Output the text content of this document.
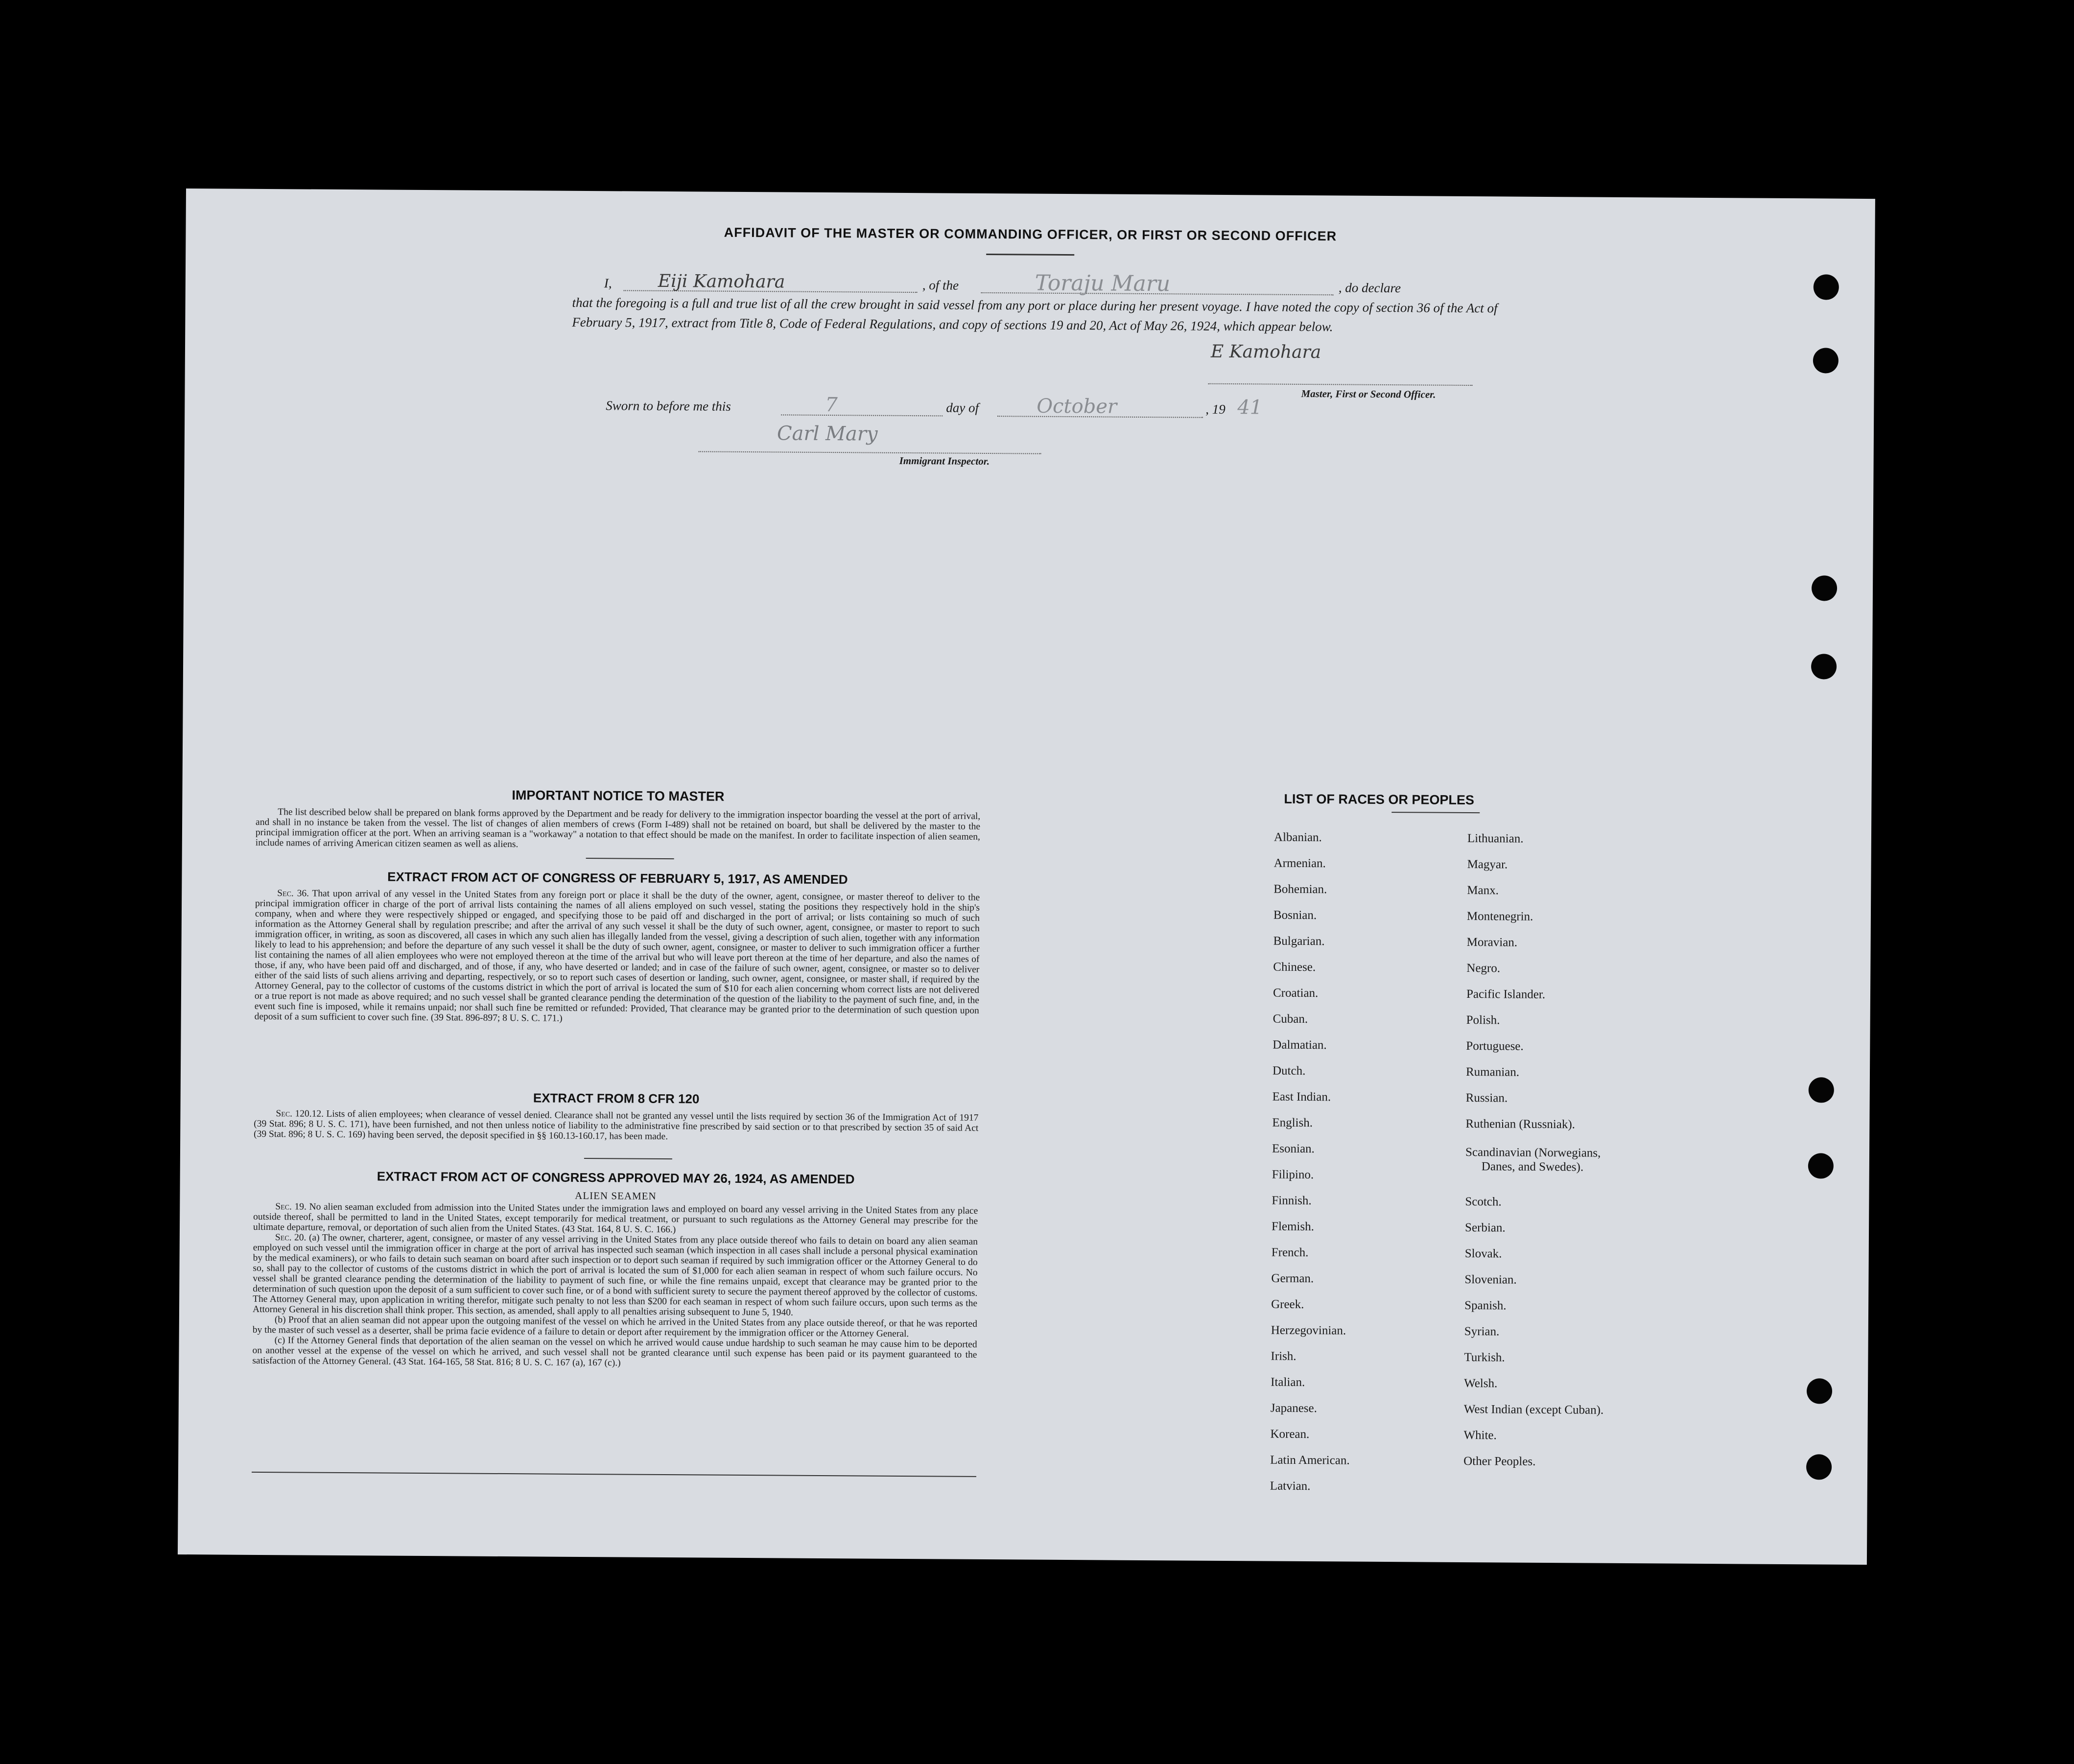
AFFIDAVIT OF THE MASTER OR COMMANDING OFFICER, OR FIRST OR SECOND OFFICER
I,	Eiji Kamohara	, of the	Toraju Maru	, do declare
that the foregoing is a full and true list of all the crew brought in said vessel from any port or place during her present voyage. I have noted the copy of section 36 of the Act of February 5, 1917, extract from Title 8, Code of Federal Regulations, and copy of sections 19 and 20, Act of May 26, 1924, which appear below.
E Kamohara
Master, First or Second Officer.
Sworn to before me this	7	day of	October	, 19 41
Carl Mary
Immigrant Inspector.
IMPORTANT NOTICE TO MASTER
The list described below shall be prepared on blank forms approved by the Department and be ready for delivery to the immigration inspector boarding the vessel at the port of arrival, and shall in no instance be taken from the vessel. The list of changes of alien members of crews (Form I-489) shall not be retained on board, but shall be delivered by the master to the principal immigration officer at the port. When an arriving seaman is a "workaway" a notation to that effect should be made on the manifest. In order to facilitate inspection of alien seamen, include names of arriving American citizen seamen as well as aliens.
EXTRACT FROM ACT OF CONGRESS OF FEBRUARY 5, 1917, AS AMENDED
Sec. 36. That upon arrival of any vessel in the United States from any foreign port or place it shall be the duty of the owner, agent, consignee, or master thereof to deliver to the principal immigration officer in charge of the port of arrival lists containing the names of all aliens employed on such vessel, stating the positions they respectively hold in the ship's company, when and where they were respectively shipped or engaged, and specifying those to be paid off and discharged in the port of arrival; or lists containing so much of such information as the Attorney General shall by regulation prescribe; and after the arrival of any such vessel it shall be the duty of such owner, agent, consignee, or master to report to such immigration officer, in writing, as soon as discovered, all cases in which any such alien has illegally landed from the vessel, giving a description of such alien, together with any information likely to lead to his apprehension; and before the departure of any such vessel it shall be the duty of such owner, agent, consignee, or master to deliver to such immigration officer a further list containing the names of all alien employees who were not employed thereon at the time of the arrival but who will leave port thereon at the time of her departure, and also the names of those, if any, who have been paid off and discharged, and of those, if any, who have deserted or landed; and in case of the failure of such owner, agent, consignee, or master so to deliver either of the said lists of such aliens arriving and departing, respectively, or so to report such cases of desertion or landing, such owner, agent, consignee, or master shall, if required by the Attorney General, pay to the collector of customs of the customs district in which the port of arrival is located the sum of $10 for each alien concerning whom correct lists are not delivered or a true report is not made as above required; and no such vessel shall be granted clearance pending the determination of the question of the liability to the payment of such fine, and, in the event such fine is imposed, while it remains unpaid; nor shall such fine be remitted or refunded: Provided, That clearance may be granted prior to the determination of such question upon deposit of a sum sufficient to cover such fine. (39 Stat. 896-897; 8 U. S. C. 171.)
EXTRACT FROM 8 CFR 120
Sec. 120.12. Lists of alien employees; when clearance of vessel denied. Clearance shall not be granted any vessel until the lists required by section 36 of the Immigration Act of 1917 (39 Stat. 896; 8 U. S. C. 171), have been furnished, and not then unless notice of liability to the administrative fine prescribed by said section or to that prescribed by section 35 of said Act (39 Stat. 896; 8 U. S. C. 169) having been served, the deposit specified in §§ 160.13-160.17, has been made.
EXTRACT FROM ACT OF CONGRESS APPROVED MAY 26, 1924, AS AMENDED
ALIEN SEAMEN
Sec. 19. No alien seaman excluded from admission into the United States under the immigration laws and employed on board any vessel arriving in the United States from any place outside thereof, shall be permitted to land in the United States, except temporarily for medical treatment, or pursuant to such regulations as the Attorney General may prescribe for the ultimate departure, removal, or deportation of such alien from the United States. (43 Stat. 164, 8 U. S. C. 166.)
Sec. 20. (a) The owner, charterer, agent, consignee, or master of any vessel arriving in the United States from any place outside thereof who fails to detain on board any alien seaman employed on such vessel until the immigration officer in charge at the port of arrival has inspected such seaman (which inspection in all cases shall include a personal physical examination by the medical examiners), or who fails to detain such seaman on board after such inspection or to deport such seaman if required by such immigration officer or the Attorney General to do so, shall pay to the collector of customs of the customs district in which the port of arrival is located the sum of $1,000 for each alien seaman in respect of whom such failure occurs. No vessel shall be granted clearance pending the determination of the liability to payment of such fine, or while the fine remains unpaid, except that clearance may be granted prior to the determination of such question upon the deposit of a sum sufficient to cover such fine, or of a bond with sufficient surety to secure the payment thereof approved by the collector of customs. The Attorney General may, upon application in writing therefor, mitigate such penalty to not less than $200 for each seaman in respect of whom such failure occurs, upon such terms as the Attorney General in his discretion shall think proper. This section, as amended, shall apply to all penalties arising subsequent to June 5, 1940.
(b) Proof that an alien seaman did not appear upon the outgoing manifest of the vessel on which he arrived in the United States from any place outside thereof, or that he was reported by the master of such vessel as a deserter, shall be prima facie evidence of a failure to detain or deport after requirement by the immigration officer or the Attorney General.
(c) If the Attorney General finds that deportation of the alien seaman on the vessel on which he arrived would cause undue hardship to such seaman he may cause him to be deported on another vessel at the expense of the vessel on which he arrived, and such vessel shall not be granted clearance until such expense has been paid or its payment guaranteed to the satisfaction of the Attorney General. (43 Stat. 164-165, 58 Stat. 816; 8 U. S. C. 167 (a), 167 (c).)
LIST OF RACES OR PEOPLES
Albanian.
Armenian.
Bohemian.
Bosnian.
Bulgarian.
Chinese.
Croatian.
Cuban.
Dalmatian.
Dutch.
East Indian.
English.
Esonian.
Filipino.
Finnish.
Flemish.
French.
German.
Greek.
Herzegovinian.
Irish.
Italian.
Japanese.
Korean.
Latin American.
Latvian.
Lithuanian.
Magyar.
Manx.
Montenegrin.
Moravian.
Negro.
Pacific Islander.
Polish.
Portuguese.
Rumanian.
Russian.
Ruthenian (Russniak).
Scandinavian (Norwegians,
Danes, and Swedes).
Scotch.
Serbian.
Slovak.
Slovenian.
Spanish.
Syrian.
Turkish.
Welsh.
West Indian (except Cuban).
White.
Other Peoples.
